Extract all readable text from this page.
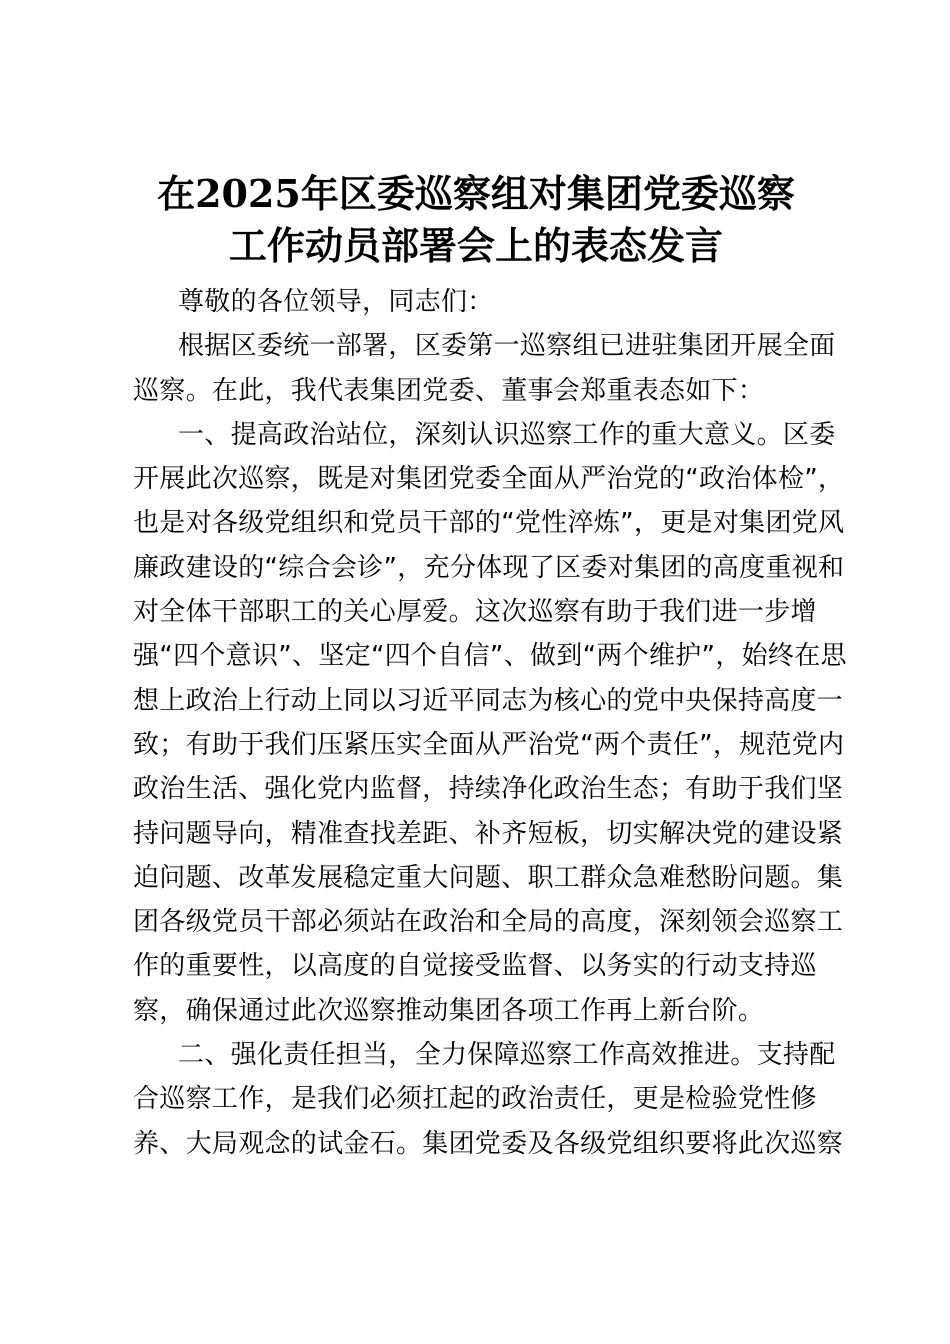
在2025年区委巡察组对集团党委巡察
工作动员部署会上的表态发言

尊敬的各位领导，同志们：

根据区委统一部署，区委第一巡察组已进驻集团开展全面
巡察。在此，我代表集团党委、董事会郑重表态如下：

一、提高政治站位，深刻认识巡察工作的重大意义。区委
开展此次巡察，既是对集团党委全面从严治党的“政治体检”，
也是对各级党组织和党员干部的“党性淬炼”，更是对集团党风
廉政建设的“综合会诊”，充分体现了区委对集团的高度重视和
对全体干部职工的关心厚爱。这次巡察有助于我们进一步增
强“四个意识”、坚定“四个自信”、做到“两个维护”，始终在思
想上政治上行动上同以习近平同志为核心的党中央保持高度一
致；有助于我们压紧压实全面从严治党“两个责任”，规范党内
政治生活、强化党内监督，持续净化政治生态；有助于我们坚
持问题导向，精准查找差距、补齐短板，切实解决党的建设紧
迫问题、改革发展稳定重大问题、职工群众急难愁盼问题。集
团各级党员干部必须站在政治和全局的高度，深刻领会巡察工
作的重要性，以高度的自觉接受监督、以务实的行动支持巡
察，确保通过此次巡察推动集团各项工作再上新台阶。

二、强化责任担当，全力保障巡察工作高效推进。支持配
合巡察工作，是我们必须扛起的政治责任，更是检验党性修
养、大局观念的试金石。集团党委及各级党组织要将此次巡察
